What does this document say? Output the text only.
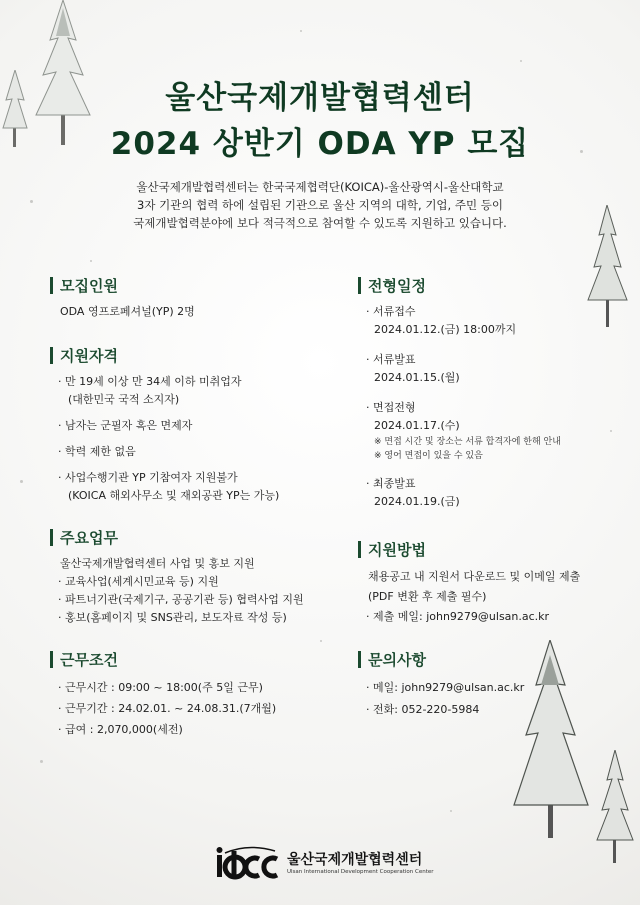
울산국제개발협력센터
2024 상반기 ODA YP 모집
울산국제개발협력센터는 한국국제협력단(KOICA)-울산광역시-울산대학교
3자 기관의 협력 하에 설립된 기관으로 울산 지역의 대학, 기업, 주민 등이
국제개발협력분야에 보다 적극적으로 참여할 수 있도록 지원하고 있습니다.
모집인원
ODA 영프로페셔널(YP) 2명
지원자격
· 만 19세 이상 만 34세 이하 미취업자
(대한민국 국적 소지자)
· 남자는 군필자 혹은 면제자
· 학력 제한 없음
· 사업수행기관 YP 기참여자 지원불가
(KOICA 해외사무소 및 재외공관 YP는 가능)
주요업무
울산국제개발협력센터 사업 및 홍보 지원
· 교육사업(세계시민교육 등) 지원
· 파트너기관(국제기구, 공공기관 등) 협력사업 지원
· 홍보(홈페이지 및 SNS관리, 보도자료 작성 등)
근무조건
· 근무시간 : 09:00 ~ 18:00(주 5일 근무)
· 근무기간 : 24.02.01. ~ 24.08.31.(7개월)
· 급여 : 2,070,000(세전)
전형일정
· 서류접수
2024.01.12.(금) 18:00까지
· 서류발표
2024.01.15.(월)
· 면접전형
2024.01.17.(수)
※ 면접 시간 및 장소는 서류 합격자에 한해 안내
※ 영어 면접이 있을 수 있음
· 최종발표
2024.01.19.(금)
지원방법
채용공고 내 지원서 다운로드 및 이메일 제출
(PDF 변환 후 제출 필수)
· 제출 메일: john9279@ulsan.ac.kr
문의사항
· 메일: john9279@ulsan.ac.kr
· 전화: 052-220-5984
울산국제개발협력센터
Ulsan International Development Cooperation Center
